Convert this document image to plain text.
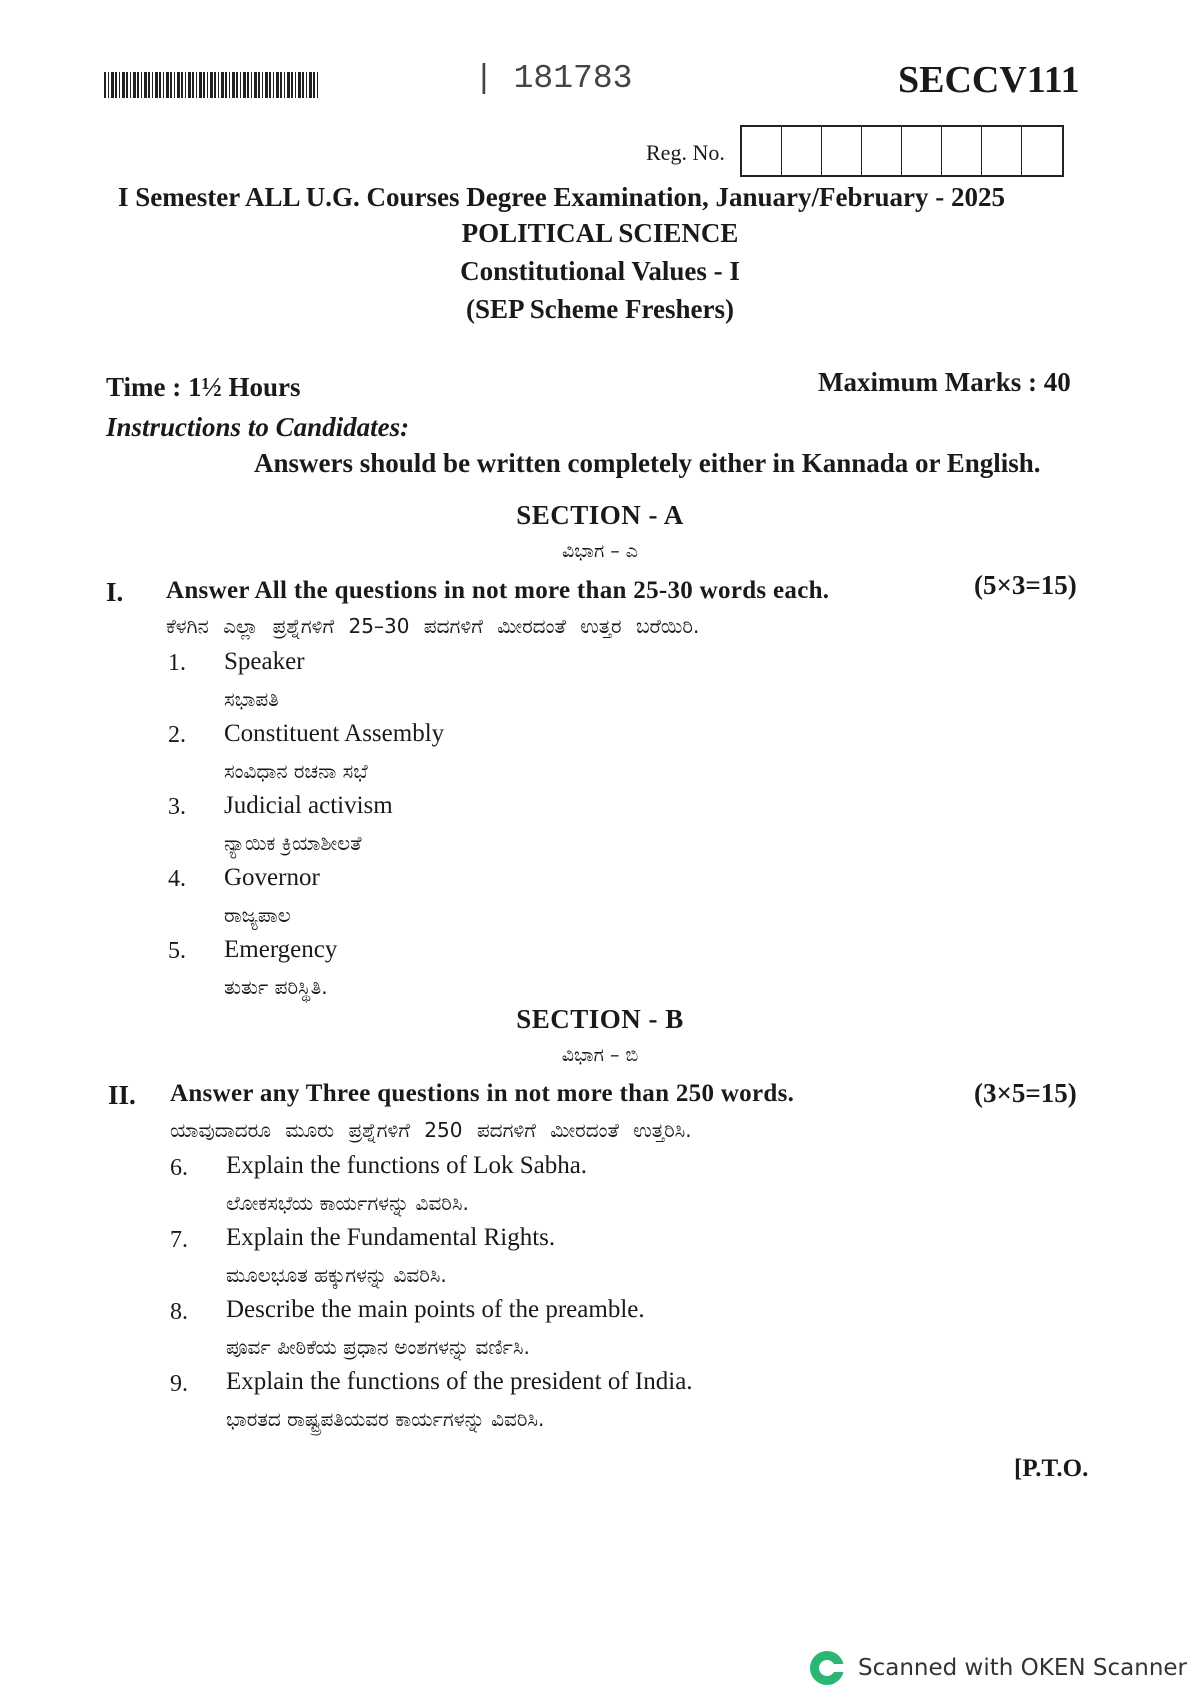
| 181783	SECCV111
Reg. No.
I Semester ALL U.G. Courses Degree Examination, January/February - 2025
POLITICAL SCIENCE
Constitutional Values - I
(SEP Scheme Freshers)
Time : 1½ Hours	Maximum Marks : 40
Instructions to Candidates:
Answers should be written completely either in Kannada or English.
SECTION - A
ವಿಭಾಗ – ಎ
I. Answer All the questions in not more than 25-30 words each.	(5×3=15)
ಕೆಳಗಿನ ಎಲ್ಲಾ ಪ್ರಶ್ನೆಗಳಿಗೆ 25–30 ಪದಗಳಿಗೆ ಮೀರದಂತೆ ಉತ್ತರ ಬರೆಯಿರಿ.
1. Speaker
ಸಭಾಪತಿ
2. Constituent Assembly
ಸಂವಿಧಾನ ರಚನಾ ಸಭೆ
3. Judicial activism
ನ್ಯಾಯಿಕ ಕ್ರಿಯಾಶೀಲತೆ
4. Governor
ರಾಜ್ಯಪಾಲ
5. Emergency
ತುರ್ತು ಪರಿಸ್ಥಿತಿ.
SECTION - B
ವಿಭಾಗ – ಬಿ
II. Answer any Three questions in not more than 250 words.	(3×5=15)
ಯಾವುದಾದರೂ ಮೂರು ಪ್ರಶ್ನೆಗಳಿಗೆ 250 ಪದಗಳಿಗೆ ಮೀರದಂತೆ ಉತ್ತರಿಸಿ.
6. Explain the functions of Lok Sabha.
ಲೋಕಸಭೆಯ ಕಾರ್ಯಗಳನ್ನು ವಿವರಿಸಿ.
7. Explain the Fundamental Rights.
ಮೂಲಭೂತ ಹಕ್ಕುಗಳನ್ನು ವಿವರಿಸಿ.
8. Describe the main points of the preamble.
ಪೂರ್ವ ಪೀಠಿಕೆಯ ಪ್ರಧಾನ ಅಂಶಗಳನ್ನು ವರ್ಣಿಸಿ.
9. Explain the functions of the president of India.
ಭಾರತದ ರಾಷ್ಟ್ರಪತಿಯವರ ಕಾರ್ಯಗಳನ್ನು ವಿವರಿಸಿ.
[P.T.O.
Scanned with OKEN Scanner
